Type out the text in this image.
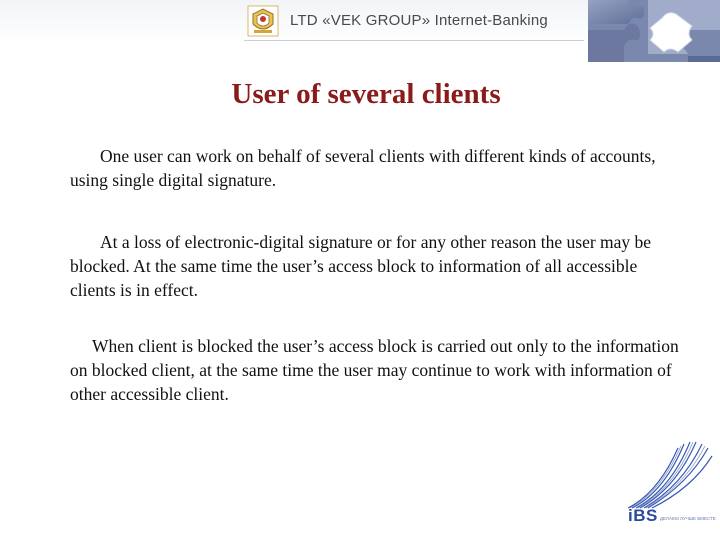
LTD «VEK GROUP» Internet-Banking
User of several clients

One user can work on behalf of several clients with different kinds of accounts, using single digital signature.

At a loss of electronic-digital signature or for any other reason the user may be blocked. At the same time the user’s access block to information of all accessible clients is in effect.

When client is blocked the user’s access block is carried out only to the information on blocked client, at the same time the user may continue to work with information of other accessible client.

iBS ДЕЛАЕМ ЛУЧШЕ ВМЕСТЕ
